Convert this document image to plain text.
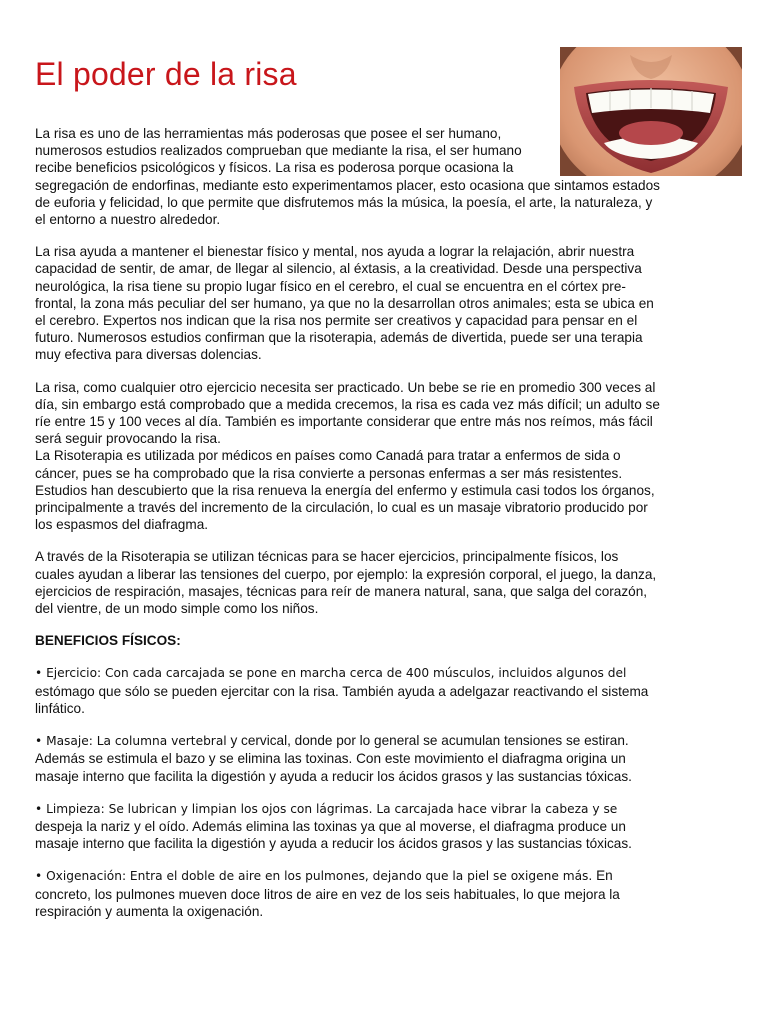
El poder de la risa

La risa es uno de las herramientas más poderosas que posee el ser humano,
numerosos estudios realizados comprueban que mediante la risa, el ser humano
recibe beneficios psicológicos y físicos. La risa es poderosa porque ocasiona la
segregación de endorfinas, mediante esto experimentamos placer, esto ocasiona que sintamos estados de euforia y felicidad, lo que permite que disfrutemos más la música, la poesía, el arte, la naturaleza, y el entorno a nuestro alrededor.

La risa ayuda a mantener el bienestar físico y mental, nos ayuda a lograr la relajación, abrir nuestra capacidad de sentir, de amar, de llegar al silencio, al éxtasis, a la creatividad. Desde una perspectiva neurológica, la risa tiene su propio lugar físico en el cerebro, el cual se encuentra en el córtex pre-frontal, la zona más peculiar del ser humano, ya que no la desarrollan otros animales; esta se ubica en el cerebro. Expertos nos indican que la risa nos permite ser creativos y capacidad para pensar en el futuro. Numerosos estudios confirman que la risoterapia, además de divertida, puede ser una terapia muy efectiva para diversas dolencias.

La risa, como cualquier otro ejercicio necesita ser practicado. Un bebe se rie en promedio 300 veces al día, sin embargo está comprobado que a medida crecemos, la risa es cada vez más difícil; un adulto se ríe entre 15 y 100 veces al día. También es importante considerar que entre más nos reímos, más fácil será seguir provocando la risa.

La Risoterapia es utilizada por médicos en países como Canadá para tratar a enfermos de sida o cáncer, pues se ha comprobado que la risa convierte a personas enfermas a ser más resistentes. Estudios han descubierto que la risa renueva la energía del enfermo y estimula casi todos los órganos, principalmente a través del incremento de la circulación, lo cual es un masaje vibratorio producido por los espasmos del diafragma.

A través de la Risoterapia se utilizan técnicas para se hacer ejercicios, principalmente físicos, los cuales ayudan a liberar las tensiones del cuerpo, por ejemplo: la expresión corporal, el juego, la danza, ejercicios de respiración, masajes, técnicas para reír de manera natural, sana, que salga del corazón, del vientre, de un modo simple como los niños.

BENEFICIOS FÍSICOS:

• Ejercicio: Con cada carcajada se pone en marcha cerca de 400 músculos, incluidos algunos del estómago que sólo se pueden ejercitar con la risa. También ayuda a adelgazar reactivando el sistema linfático.

• Masaje: La columna vertebral y cervical, donde por lo general se acumulan tensiones se estiran. Además se estimula el bazo y se elimina las toxinas. Con este movimiento el diafragma origina un masaje interno que facilita la digestión y ayuda a reducir los ácidos grasos y las sustancias tóxicas.

• Limpieza: Se lubrican y limpian los ojos con lágrimas. La carcajada hace vibrar la cabeza y se despeja la nariz y el oído. Además elimina las toxinas ya que al moverse, el diafragma produce un masaje interno que facilita la digestión y ayuda a reducir los ácidos grasos y las sustancias tóxicas.

• Oxigenación: Entra el doble de aire en los pulmones, dejando que la piel se oxigene más. En concreto, los pulmones mueven doce litros de aire en vez de los seis habituales, lo que mejora la respiración y aumenta la oxigenación.
